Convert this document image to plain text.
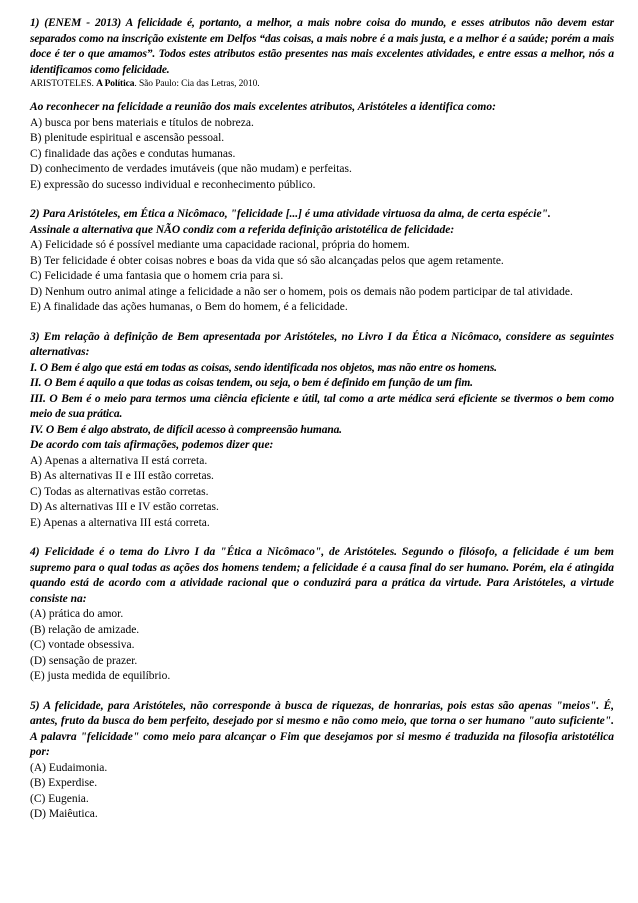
1) (ENEM - 2013) A felicidade é, portanto, a melhor, a mais nobre coisa do mundo, e esses atributos não devem estar separados como na inscrição existente em Delfos “das coisas, a mais nobre é a mais justa, e a melhor é a saúde; porém a mais doce é ter o que amamos”. Todos estes atributos estão presentes nas mais excelentes atividades, e entre essas a melhor, nós a identificamos como felicidade.
ARISTOTELES. A Política. São Paulo: Cia das Letras, 2010.
Ao reconhecer na felicidade a reunião dos mais excelentes atributos, Aristóteles a identifica como:
A) busca por bens materiais e títulos de nobreza.
B) plenitude espiritual e ascensão pessoal.
C) finalidade das ações e condutas humanas.
D) conhecimento de verdades imutáveis (que não mudam) e perfeitas.
E) expressão do sucesso individual e reconhecimento público.
2) Para Aristóteles, em Ética a Nicômaco, "felicidade [...] é uma atividade virtuosa da alma, de certa espécie".
Assinale a alternativa que NÃO condiz com a referida definição aristotélica de felicidade:
A) Felicidade só é possível mediante uma capacidade racional, própria do homem.
B) Ter felicidade é obter coisas nobres e boas da vida que só são alcançadas pelos que agem retamente.
C) Felicidade é uma fantasia que o homem cria para si.
D) Nenhum outro animal atinge a felicidade a não ser o homem, pois os demais não podem participar de tal atividade.
E) A finalidade das ações humanas, o Bem do homem, é a felicidade.
3) Em relação à definição de Bem apresentada por Aristóteles, no Livro I da Ética a Nicômaco, considere as seguintes alternativas:
I. O Bem é algo que está em todas as coisas, sendo identificada nos objetos, mas não entre os homens.
II. O Bem é aquilo a que todas as coisas tendem, ou seja, o bem é definido em função de um fim.
III. O Bem é o meio para termos uma ciência eficiente e útil, tal como a arte médica será eficiente se tivermos o bem como meio de sua prática.
IV. O Bem é algo abstrato, de difícil acesso à compreensão humana.
De acordo com tais afirmações, podemos dizer que:
A) Apenas a alternativa II está correta.
B) As alternativas II e III estão corretas.
C) Todas as alternativas estão corretas.
D) As alternativas III e IV estão corretas.
E) Apenas a alternativa III está correta.
4) Felicidade é o tema do Livro I da "Ética a Nicômaco", de Aristóteles. Segundo o filósofo, a felicidade é um bem supremo para o qual todas as ações dos homens tendem; a felicidade é a causa final do ser humano. Porém, ela é atingida quando está de acordo com a atividade racional que o conduzirá para a prática da virtude. Para Aristóteles, a virtude consiste na:
(A) prática do amor.
(B) relação de amizade.
(C) vontade obsessiva.
(D) sensação de prazer.
(E) justa medida de equilíbrio.
5) A felicidade, para Aristóteles, não corresponde à busca de riquezas, de honrarias, pois estas são apenas "meios". É, antes, fruto da busca do bem perfeito, desejado por si mesmo e não como meio, que torna o ser humano "auto suficiente". A palavra "felicidade" como meio para alcançar o Fim que desejamos por si mesmo é traduzida na filosofia aristotélica por:
(A) Eudaimonia.
(B) Experdise.
(C) Eugenia.
(D) Maiêutica.
